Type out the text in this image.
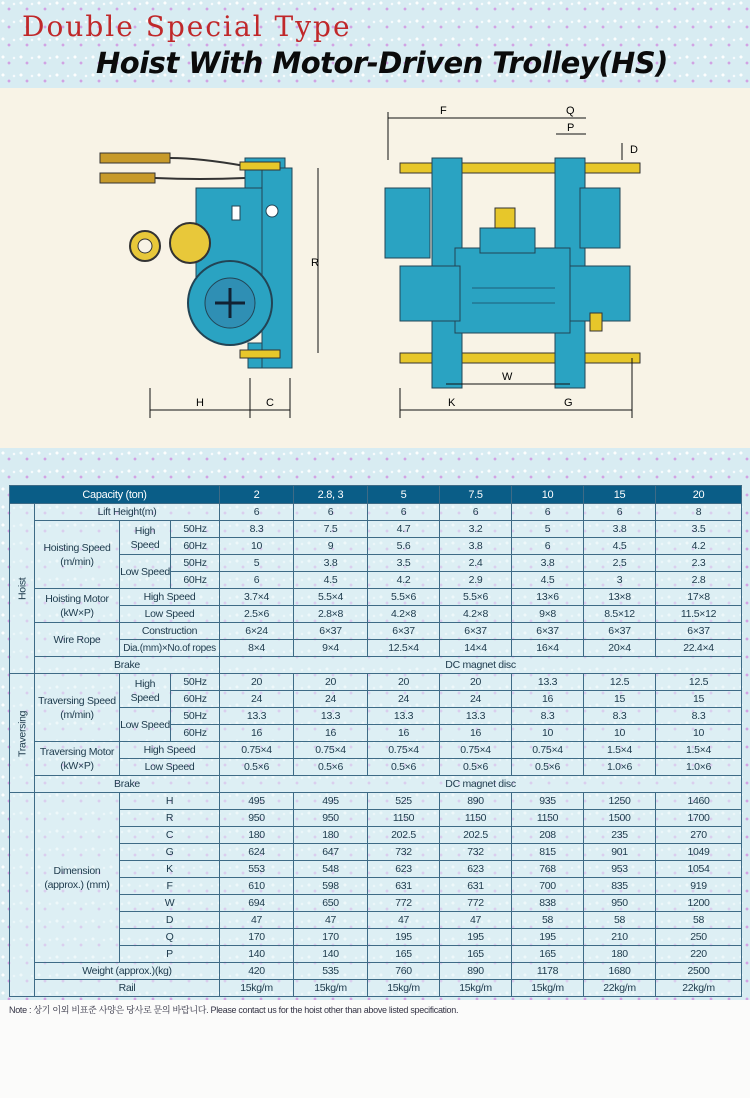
Double Special Type
Hoist With Motor-Driven Trolley(HS)
H	C
R
F	Q
P
D
W
K	G
Capacity (ton)				2	2.8, 3	5	7.5	10	15	20
Hoist	Lift Height(m)			6	6	6	6	6	6	8
	Hoisting Speed (m/min)	High Speed	50Hz	8.3	7.5	4.7	3.2	5	3.8	3.5
			60Hz	10	9	5.6	3.8	6	4.5	4.2
		Low Speed	50Hz	5	3.8	3.5	2.4	3.8	2.5	2.3
			60Hz	6	4.5	4.2	2.9	4.5	3	2.8
	Hoisting Motor (kW×P)	High Speed		3.7×4	5.5×4	5.5×6	5.5×6	13×6	13×8	17×8
		Low Speed		2.5×6	2.8×8	4.2×8	4.2×8	9×8	8.5×12	11.5×12
	Wire Rope	Construction		6×24	6×37	6×37	6×37	6×37	6×37	6×37
		Dia.(mm)×No.of ropes		8×4	9×4	12.5×4	14×4	16×4	20×4	22.4×4
	Brake			DC magnet disc						
Traversing	Traversing Speed (m/min)	High Speed	50Hz	20	20	20	20	13.3	12.5	12.5
			60Hz	24	24	24	24	16	15	15
		Low Speed	50Hz	13.3	13.3	13.3	13.3	8.3	8.3	8.3
			60Hz	16	16	16	16	10	10	10
	Traversing Motor (kW×P)	High Speed		0.75×4	0.75×4	0.75×4	0.75×4	0.75×4	1.5×4	1.5×4
		Low Speed		0.5×6	0.5×6	0.5×6	0.5×6	0.5×6	1.0×6	1.0×6
	Brake			DC magnet disc						
	Dimension (approx.) (mm)	H		495	495	525	890	935	1250	1460
		R		950	950	1150	1150	1150	1500	1700
		C		180	180	202.5	202.5	208	235	270
		G		624	647	732	732	815	901	1049
		K		553	548	623	623	768	953	1054
		F		610	598	631	631	700	835	919
		W		694	650	772	772	838	950	1200
		D		47	47	47	47	58	58	58
		Q		170	170	195	195	195	210	250
		P		140	140	165	165	165	180	220
	Weight (approx.)(kg)			420	535	760	890	1178	1680	2500
	Rail			15kg/m	15kg/m	15kg/m	15kg/m	15kg/m	22kg/m	22kg/m
Note : 상기 이외 비표준 사양은 당사로 문의 바랍니다. Please contact us for the hoist other than above listed specification.
